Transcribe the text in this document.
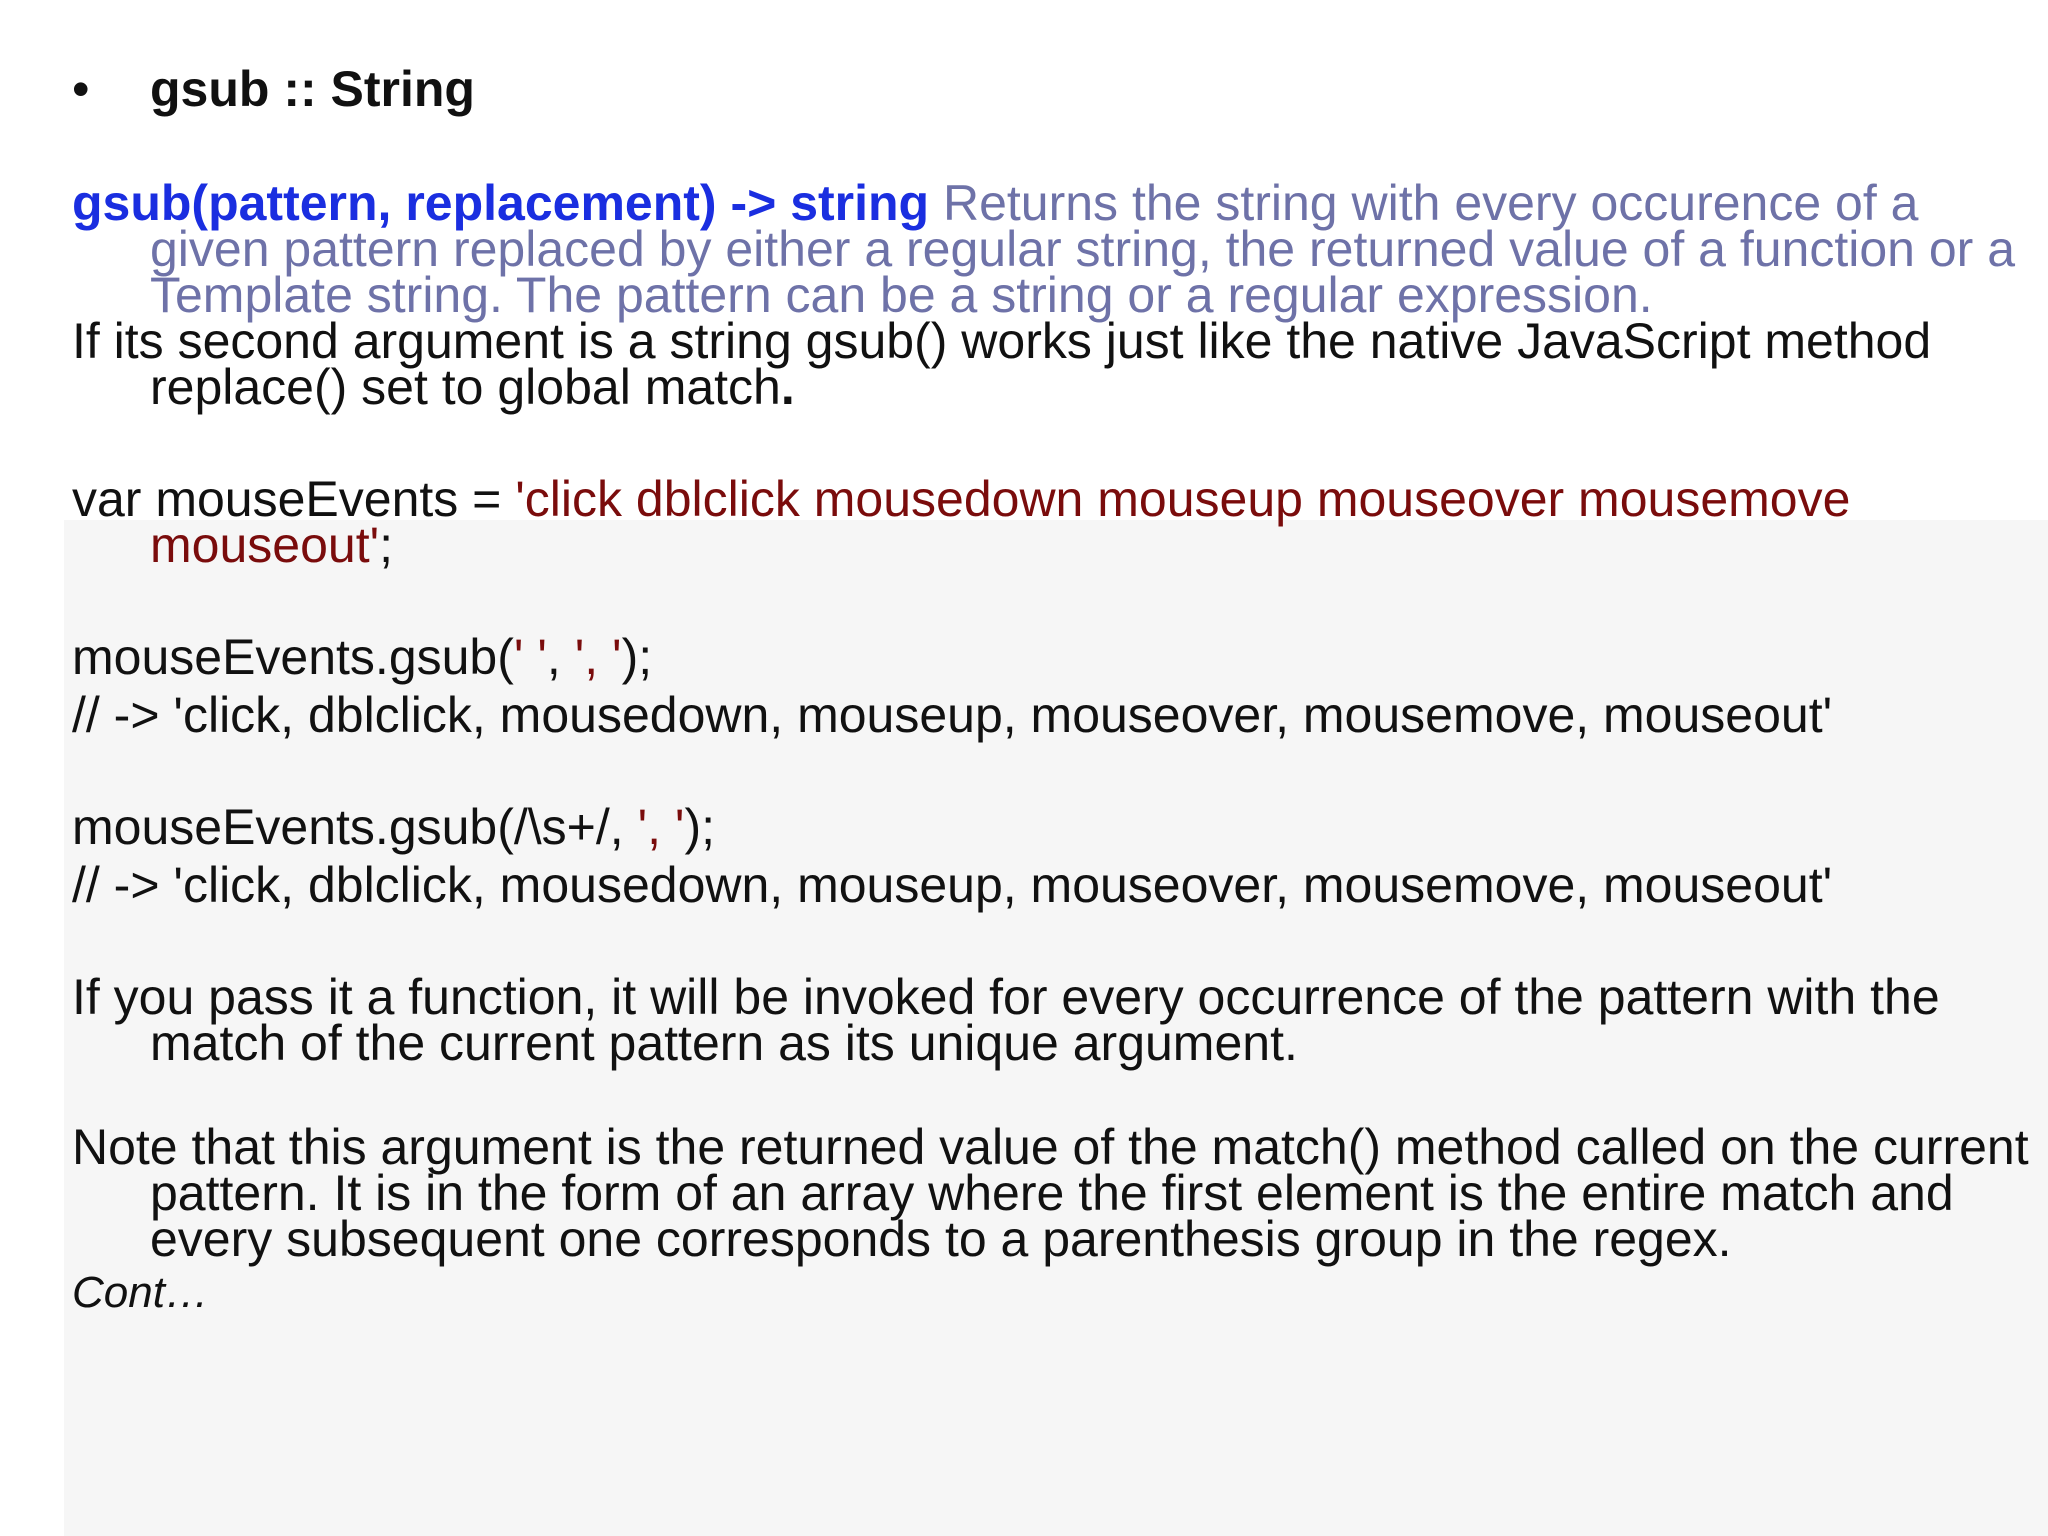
•	gsub :: String
gsub(pattern, replacement) -> string Returns the string with every occurence of a given pattern replaced by either a regular string, the returned value of a function or a Template string. The pattern can be a string or a regular expression.
If its second argument is a string gsub() works just like the native JavaScript method replace() set to global match.
var mouseEvents = 'click dblclick mousedown mouseup mouseover mousemove mouseout';
mouseEvents.gsub(' ', ', ');
// -> 'click, dblclick, mousedown, mouseup, mouseover, mousemove, mouseout'
mouseEvents.gsub(/\s+/, ', ');
// -> 'click, dblclick, mousedown, mouseup, mouseover, mousemove, mouseout'
If you pass it a function, it will be invoked for every occurrence of the pattern with the match of the current pattern as its unique argument.
Note that this argument is the returned value of the match() method called on the current pattern. It is in the form of an array where the first element is the entire match and every subsequent one corresponds to a parenthesis group in the regex.
Cont…
